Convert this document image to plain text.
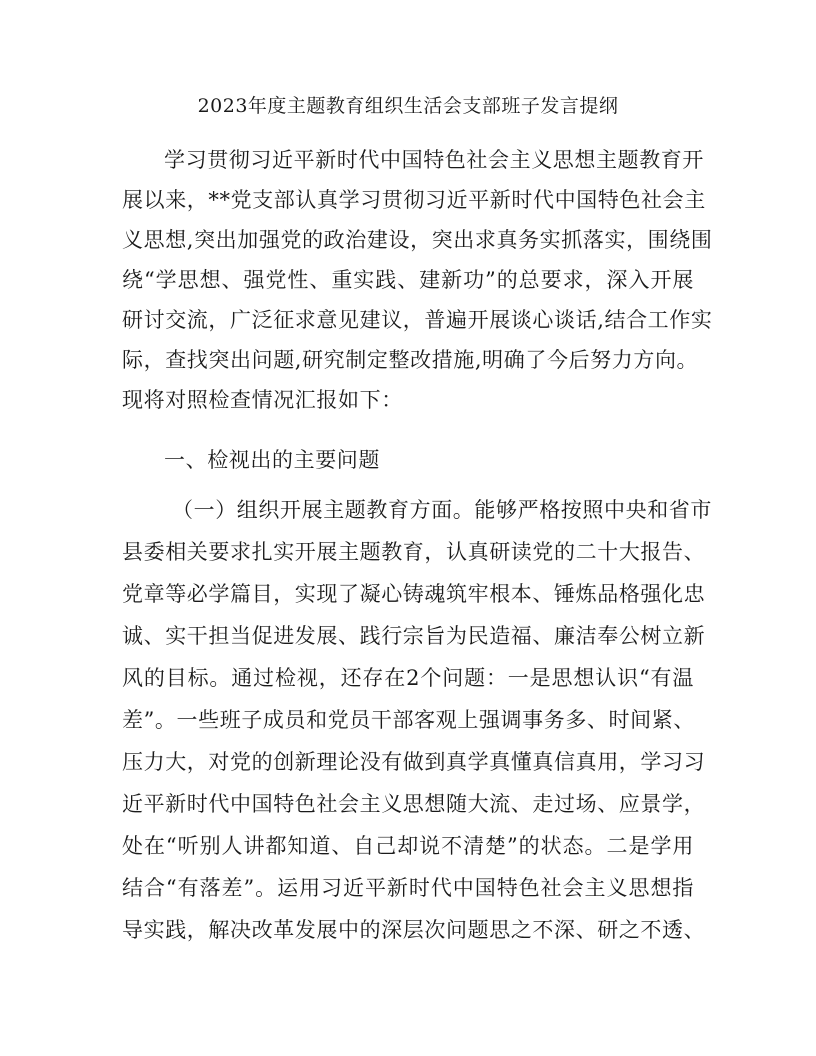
2023年度主题教育组织生活会支部班子发言提纲
学习贯彻习近平新时代中国特色社会主义思想主题教育开
展以来，**党支部认真学习贯彻习近平新时代中国特色社会主
义思想,突出加强党的政治建设，突出求真务实抓落实，围绕围
绕“学思想、强党性、重实践、建新功”的总要求，深入开展
研讨交流，广泛征求意见建议，普遍开展谈心谈话,结合工作实
际，查找突出问题,研究制定整改措施,明确了今后努力方向。
现将对照检查情况汇报如下：
一、检视出的主要问题
（一）组织开展主题教育方面。能够严格按照中央和省市
县委相关要求扎实开展主题教育，认真研读党的二十大报告、
党章等必学篇目，实现了凝心铸魂筑牢根本、锤炼品格强化忠
诚、实干担当促进发展、践行宗旨为民造福、廉洁奉公树立新
风的目标。通过检视，还存在2个问题：一是思想认识“有温
差”。一些班子成员和党员干部客观上强调事务多、时间紧、
压力大，对党的创新理论没有做到真学真懂真信真用，学习习
近平新时代中国特色社会主义思想随大流、走过场、应景学，
处在“听别人讲都知道、自己却说不清楚”的状态。二是学用
结合“有落差”。运用习近平新时代中国特色社会主义思想指
导实践，解决改革发展中的深层次问题思之不深、研之不透、
